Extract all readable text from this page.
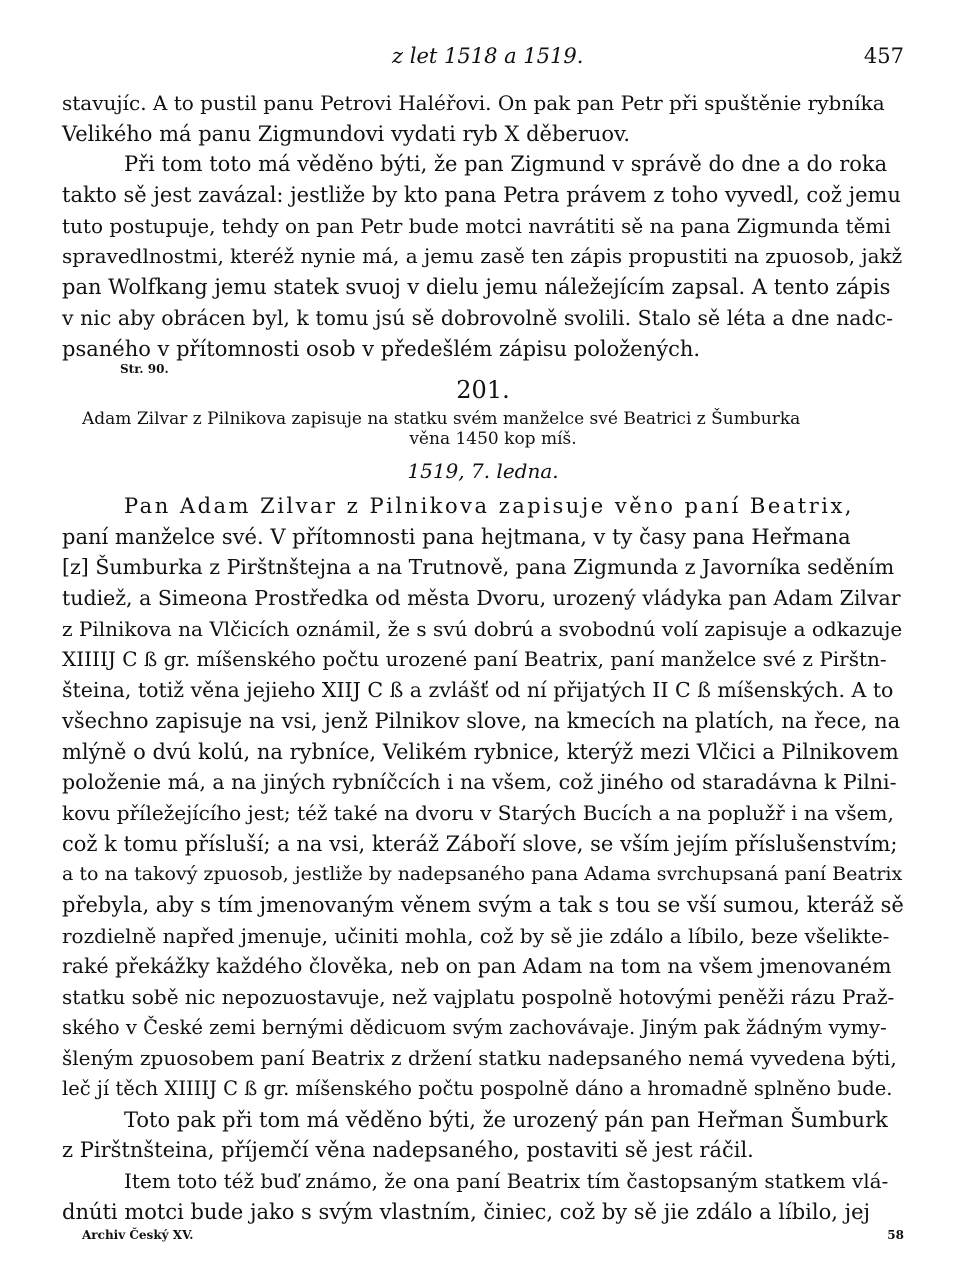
z let 1518 a 1519.	457
stavujíc. A to pustil panu Petrovi Haléřovi. On pak pan Petr při spuštěnie rybníka
Velikého má panu Zigmundovi vydati ryb X děberuov.
Při tom toto má věděno býti, že pan Zigmund v správě do dne a do roka
takto sě jest zavázal: jestliže by kto pana Petra právem z toho vyvedl, což jemu
tuto postupuje, tehdy on pan Petr bude motci navrátiti sě na pana Zigmunda těmi
spravedlnostmi, kteréž nynie má, a jemu zasě ten zápis propustiti na zpuosob, jakž
pan Wolfkang jemu statek svuoj v dielu jemu náležejícím zapsal. A tento zápis
v nic aby obrácen byl, k tomu jsú sě dobrovolně svolili. Stalo sě léta a dne nadc-
psaného v přítomnosti osob v předešlém zápisu položených.
Str. 90.
201.
Adam Zilvar z Pilnikova zapisuje na statku svém manželce své Beatrici z Šumburka
věna 1450 kop míš.
1519, 7. ledna.
Pan Adam Zilvar z Pilnikova zapisuje věno paní Beatrix,
paní manželce své. V přítomnosti pana hejtmana, v ty časy pana Heřmana
[z] Šumburka z Pirštnštejna a na Trutnově, pana Zigmunda z Javorníka seděním
tudiež, a Simeona Prostředka od města Dvoru, urozený vládyka pan Adam Zilvar
z Pilnikova na Vlčicích oznámil, že s svú dobrú a svobodnú volí zapisuje a odkazuje
XIIIIJ C ß gr. míšenského počtu urozené paní Beatrix, paní manželce své z Pirštn-
šteina, totiž věna jejieho XIIJ C ß a zvlášť od ní přijatých II C ß míšenských. A to
všechno zapisuje na vsi, jenž Pilnikov slove, na kmecích na platích, na řece, na
mlýně o dvú kolú, na rybníce, Velikém rybnice, kterýž mezi Vlčici a Pilnikovem
položenie má, a na jiných rybníčcích i na všem, což jiného od staradávna k Pilni-
kovu příležejícího jest; též také na dvoru v Starých Bucích a na poplužř i na všem,
což k tomu přísluší; a na vsi, kteráž Záboří slove, se vším jejím příslušenstvím;
a to na takový zpuosob, jestliže by nadepsaného pana Adama svrchupsaná paní Beatrix
přebyla, aby s tím jmenovaným věnem svým a tak s tou se vší sumou, kteráž sě
rozdielně napřed jmenuje, učiniti mohla, což by sě jie zdálo a líbilo, beze všelikte-
raké překážky každého člověka, neb on pan Adam na tom na všem jmenovaném
statku sobě nic nepozuostavuje, než vajplatu pospolně hotovými peněži rázu Praž-
ského v České zemi bernými dědicuom svým zachovávaje. Jiným pak žádným vymy-
šleným zpuosobem paní Beatrix z držení statku nadepsaného nemá vyvedena býti,
leč jí těch XIIIIJ C ß gr. míšenského počtu pospolně dáno a hromadně splněno bude.
Toto pak při tom má věděno býti, že urozený pán pan Heřman Šumburk
z Pirštnšteina, příjemčí věna nadepsaného, postaviti sě jest ráčil.
Item toto též buď známo, že ona paní Beatrix tím častopsaným statkem vlá-
dnúti motci bude jako s svým vlastním, činiec, což by sě jie zdálo a líbilo, jej
Archiv Český XV.	58
